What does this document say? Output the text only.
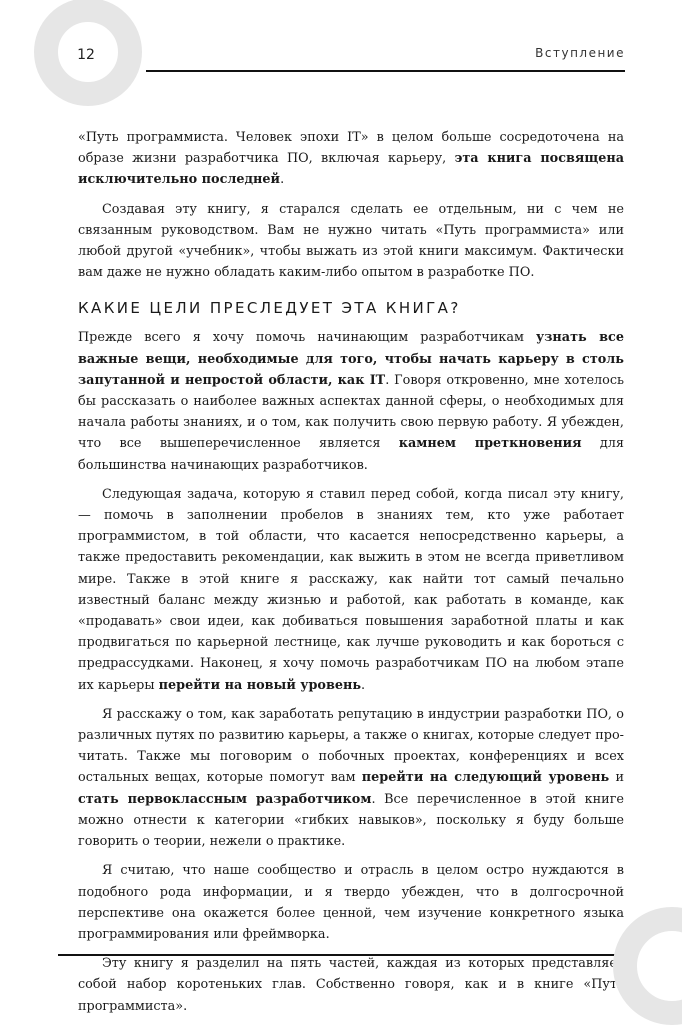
12	Вступление

«Путь программиста. Человек эпохи IT» в целом больше сосредоточена на образе жизни разработчика ПО, включая карьеру, эта книга посвящена исключительно последней.

Создавая эту книгу, я старался сделать ее отдельным, ни с чем не связанным руководством. Вам не нужно читать «Путь программиста» или любой другой «учебник», чтобы выжать из этой книги максимум. Фактически вам даже не нужно обладать каким-либо опытом в разработке ПО.

КАКИЕ ЦЕЛИ ПРЕСЛЕДУЕТ ЭТА КНИГА?

Прежде всего я хочу помочь начинающим разработчикам узнать все важные вещи, необходимые для того, чтобы начать карьеру в столь запутанной и непростой области, как IT. Говоря откровенно, мне хотелось бы рассказать о наиболее важных аспектах данной сферы, о необходимых для начала работы знаниях, и о том, как получить свою первую работу. Я убежден, что все вышеперечисленное является камнем преткновения для большинства начинающих разработчиков.

Следующая задача, которую я ставил перед собой, когда писал эту книгу, — помочь в заполнении пробелов в знаниях тем, кто уже работает программистом, в той области, что касается непосредственно карьеры, а также предоставить рекомендации, как выжить в этом не всегда приветливом мире. Также в этой книге я расскажу, как найти тот самый печально известный баланс между жизнью и работой, как работать в команде, как «продавать» свои идеи, как добиваться повышения заработной платы и как продвигаться по карьерной лестнице, как лучше руководить и как бороться с предрассудками. Наконец, я хочу помочь разработчикам ПО на любом этапе их карьеры перейти на новый уровень.

Я расскажу о том, как заработать репутацию в индустрии разработки ПО, о различных путях по развитию карьеры, а также о книгах, которые следует прочитать. Также мы поговорим о побочных проектах, конференциях и всех остальных вещах, которые помогут вам перейти на следующий уровень и стать первоклассным разработчиком. Все перечисленное в этой книге можно отнести к категории «гибких навыков», поскольку я буду больше говорить о теории, нежели о практике.

Я считаю, что наше сообщество и отрасль в целом остро нуждаются в подобного рода информации, и я твердо убежден, что в долгосрочной перспективе она окажется более ценной, чем изучение конкретного языка программирования или фреймворка.

Эту книгу я разделил на пять частей, каждая из которых представляет собой набор коротеньких глав. Собственно говоря, как и в книге «Путь программиста».
